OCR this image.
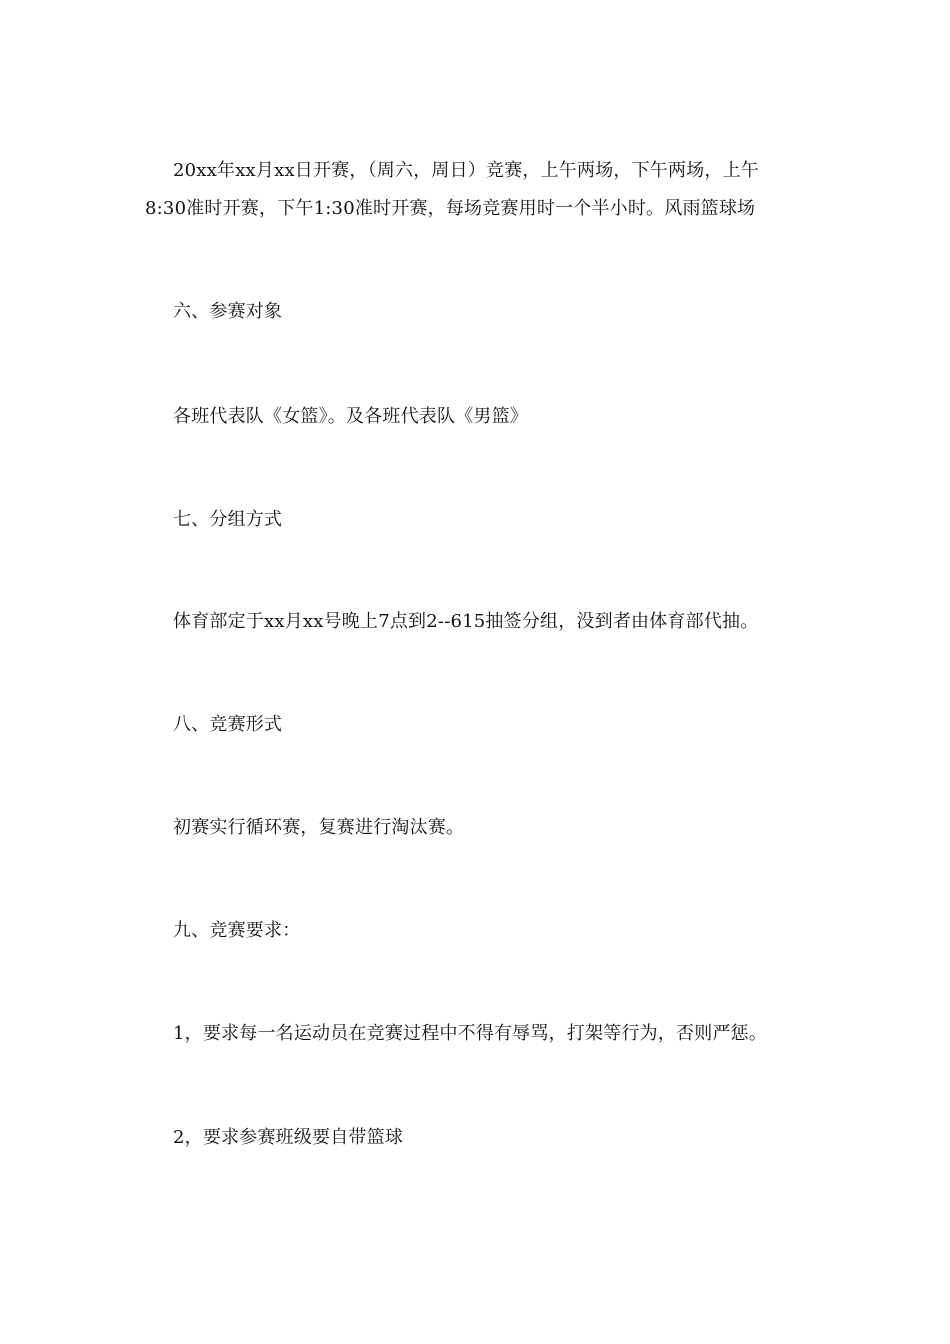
20xx年xx月xx日开赛，（周六，周日）竞赛，上午两场，下午两场，上午
8:30准时开赛，下午1:30准时开赛，每场竞赛用时一个半小时。风雨篮球场
六、参赛对象
各班代表队《女篮》。及各班代表队《男篮》
七、分组方式
体育部定于xx月xx号晚上7点到2--615抽签分组，没到者由体育部代抽。
八、竞赛形式
初赛实行循环赛，复赛进行淘汰赛。
九、竞赛要求：
1，要求每一名运动员在竞赛过程中不得有辱骂，打架等行为，否则严惩。
2，要求参赛班级要自带篮球
